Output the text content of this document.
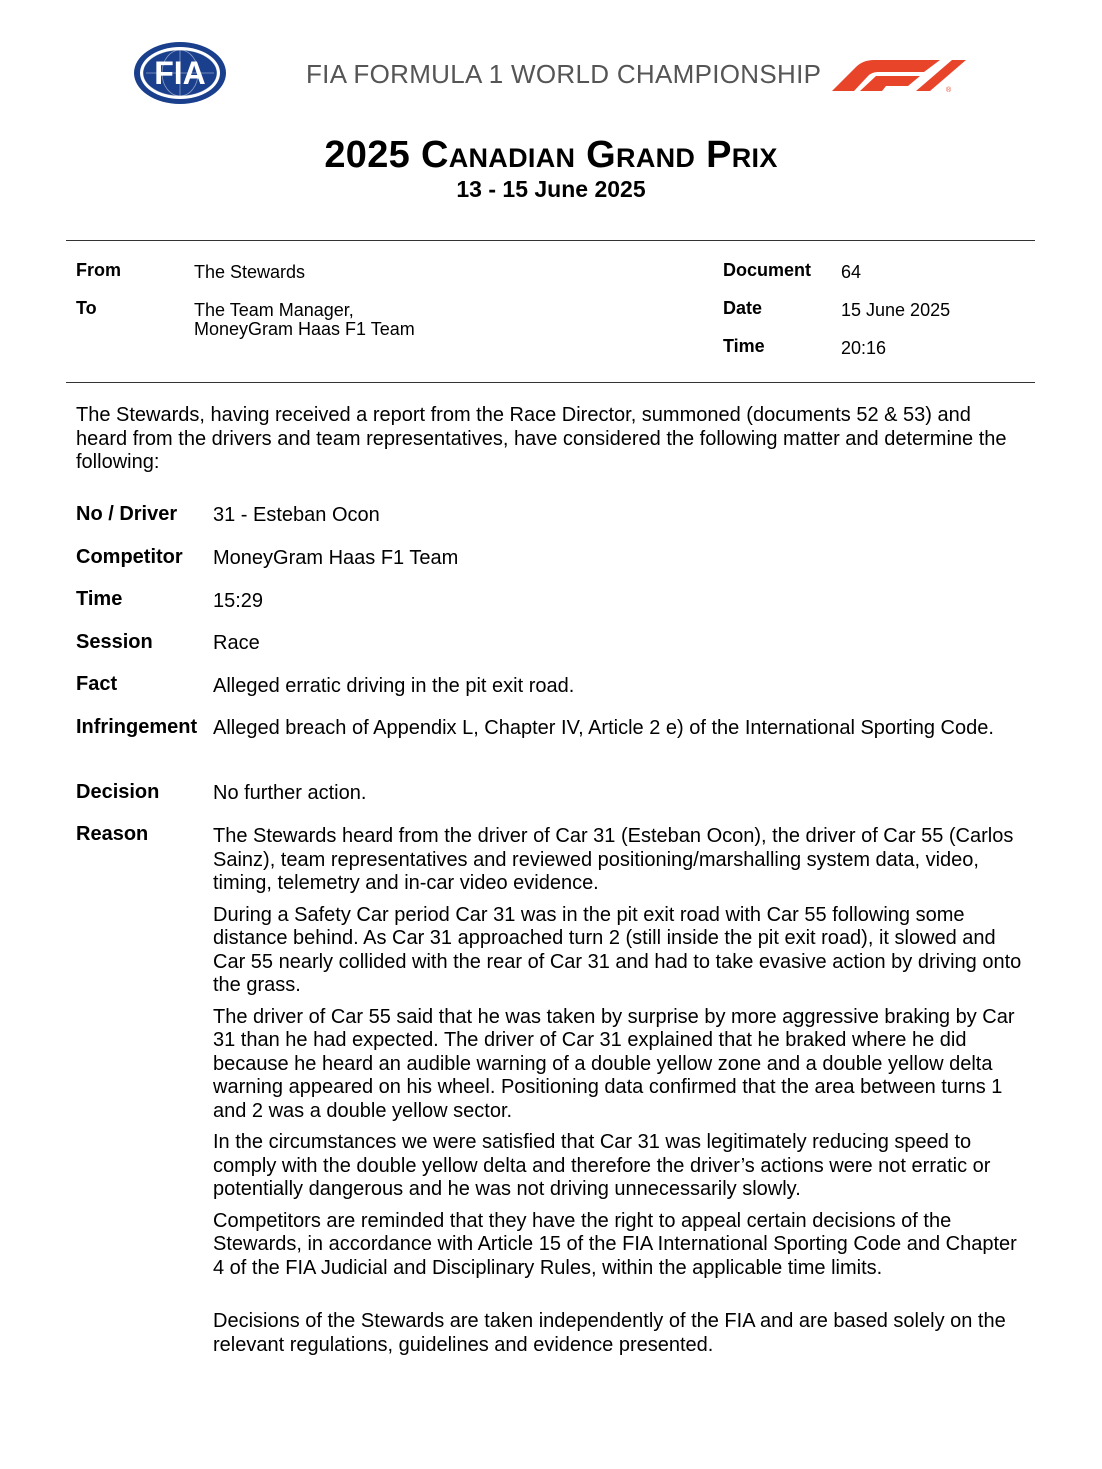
FIA	FIA FORMULA 1 WORLD CHAMPIONSHIP
®
2025 Canadian Grand Prix
13 - 15 June 2025
From	The Stewards
To	The Team Manager,
MoneyGram Haas F1 Team
Document 64
Date	15 June 2025
Time	20:16
The Stewards, having received a report from the Race Director, summoned (documents 52 & 53) and heard from the drivers and team representatives, have considered the following matter and determine the following:
No / Driver 31 - Esteban Ocon
Competitor MoneyGram Haas F1 Team
Time	15:29
Session	Race
Fact	Alleged erratic driving in the pit exit road.
Infringement Alleged breach of Appendix L, Chapter IV, Article 2 e) of the International Sporting Code.
Decision	No further action.
Reason	The Stewards heard from the driver of Car 31 (Esteban Ocon), the driver of Car 55 (Carlos Sainz), team representatives and reviewed positioning/marshalling system data, video, timing, telemetry and in-car video evidence.

During a Safety Car period Car 31 was in the pit exit road with Car 55 following some distance behind. As Car 31 approached turn 2 (still inside the pit exit road), it slowed and Car 55 nearly collided with the rear of Car 31 and had to take evasive action by driving onto the grass.

The driver of Car 55 said that he was taken by surprise by more aggressive braking by Car 31 than he had expected. The driver of Car 31 explained that he braked where he did because he heard an audible warning of a double yellow zone and a double yellow delta warning appeared on his wheel. Positioning data confirmed that the area between turns 1 and 2 was a double yellow sector.

In the circumstances we were satisfied that Car 31 was legitimately reducing speed to comply with the double yellow delta and therefore the driver’s actions were not erratic or potentially dangerous and he was not driving unnecessarily slowly.

Competitors are reminded that they have the right to appeal certain decisions of the Stewards, in accordance with Article 15 of the FIA International Sporting Code and Chapter 4 of the FIA Judicial and Disciplinary Rules, within the applicable time limits.

Decisions of the Stewards are taken independently of the FIA and are based solely on the relevant regulations, guidelines and evidence presented.
